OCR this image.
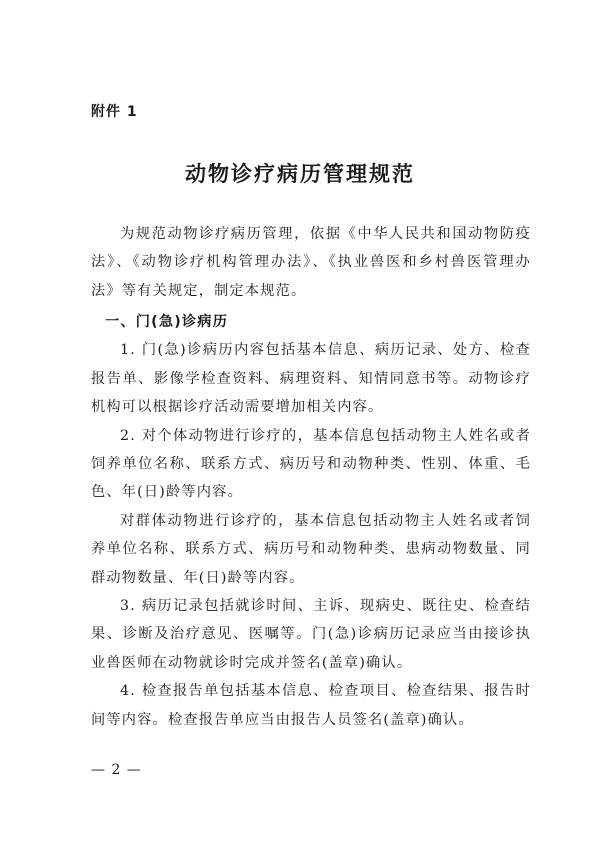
附件 1
动物诊疗病历管理规范

为规范动物诊疗病历管理，依据《中华人民共和国动物防疫法》、《动物诊疗机构管理办法》、《执业兽医和乡村兽医管理办法》等有关规定，制定本规范。

一、门(急)诊病历

1. 门(急)诊病历内容包括基本信息、病历记录、处方、检查报告单、影像学检查资料、病理资料、知情同意书等。动物诊疗机构可以根据诊疗活动需要增加相关内容。

2. 对个体动物进行诊疗的，基本信息包括动物主人姓名或者饲养单位名称、联系方式、病历号和动物种类、性别、体重、毛色、年(日)龄等内容。

对群体动物进行诊疗的，基本信息包括动物主人姓名或者饲养单位名称、联系方式、病历号和动物种类、患病动物数量、同群动物数量、年(日)龄等内容。

3. 病历记录包括就诊时间、主诉、现病史、既往史、检查结果、诊断及治疗意见、医嘱等。门(急)诊病历记录应当由接诊执业兽医师在动物就诊时完成并签名(盖章)确认。

4. 检查报告单包括基本信息、检查项目、检查结果、报告时间等内容。检查报告单应当由报告人员签名(盖章)确认。

— 2 —
